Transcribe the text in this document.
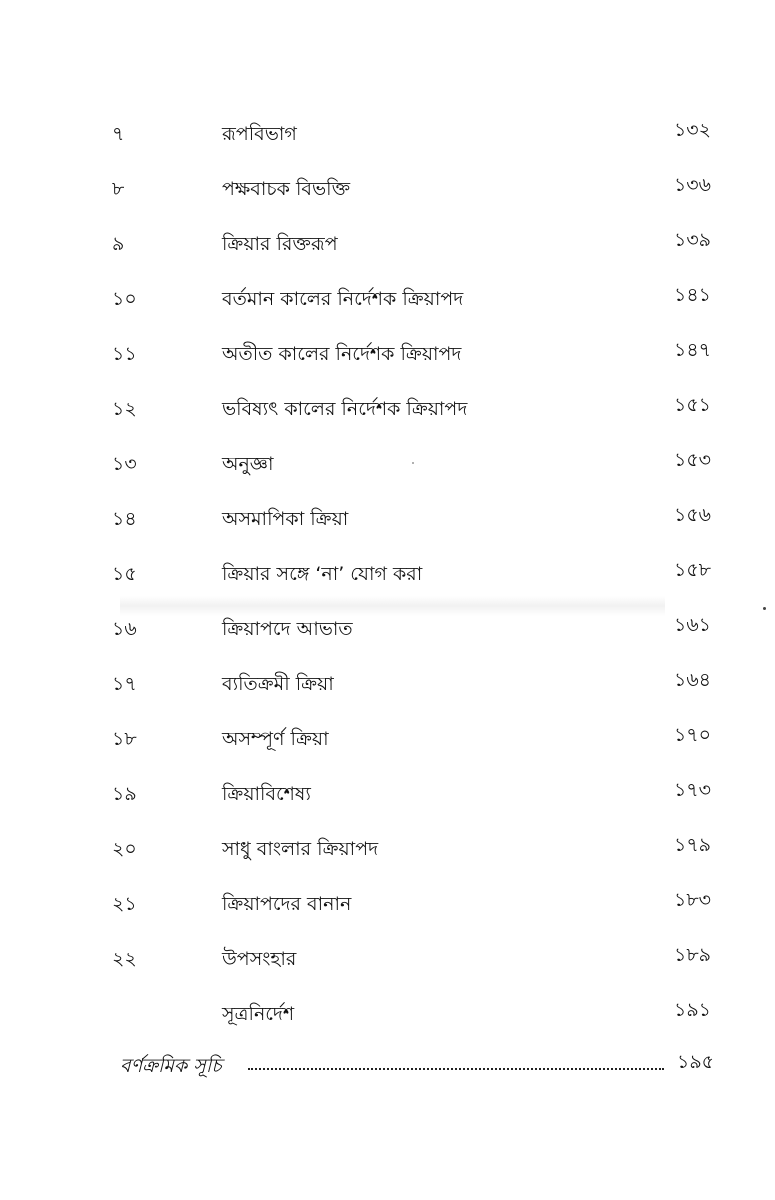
৭	রূপবিভাগ	১৩২
৮	পক্ষবাচক বিভক্তি	১৩৬
৯	ক্রিয়ার রিক্তরূপ	১৩৯
১০	বর্তমান কালের নির্দেশক ক্রিয়াপদ	১৪১
১১	অতীত কালের নির্দেশক ক্রিয়াপদ	১৪৭
১২	ভবিষ্যৎ কালের নির্দেশক ক্রিয়াপদ	১৫১
১৩	অনুজ্ঞা	১৫৩
১৪	অসমাপিকা ক্রিয়া	১৫৬
১৫	ক্রিয়ার সঙ্গে ‘না’ যোগ করা	১৫৮
১৬	ক্রিয়াপদে আভাত	১৬১
১৭	ব্যতিক্রমী ক্রিয়া	১৬৪
১৮	অসম্পূর্ণ ক্রিয়া	১৭০
১৯	ক্রিয়াবিশেষ্য	১৭৩
২০	সাধু বাংলার ক্রিয়াপদ	১৭৯
২১	ক্রিয়াপদের বানান	১৮৩
২২	উপসংহার	১৮৯
সূত্রনির্দেশ	১৯১
বর্ণক্রমিক সূচি	১৯৫
